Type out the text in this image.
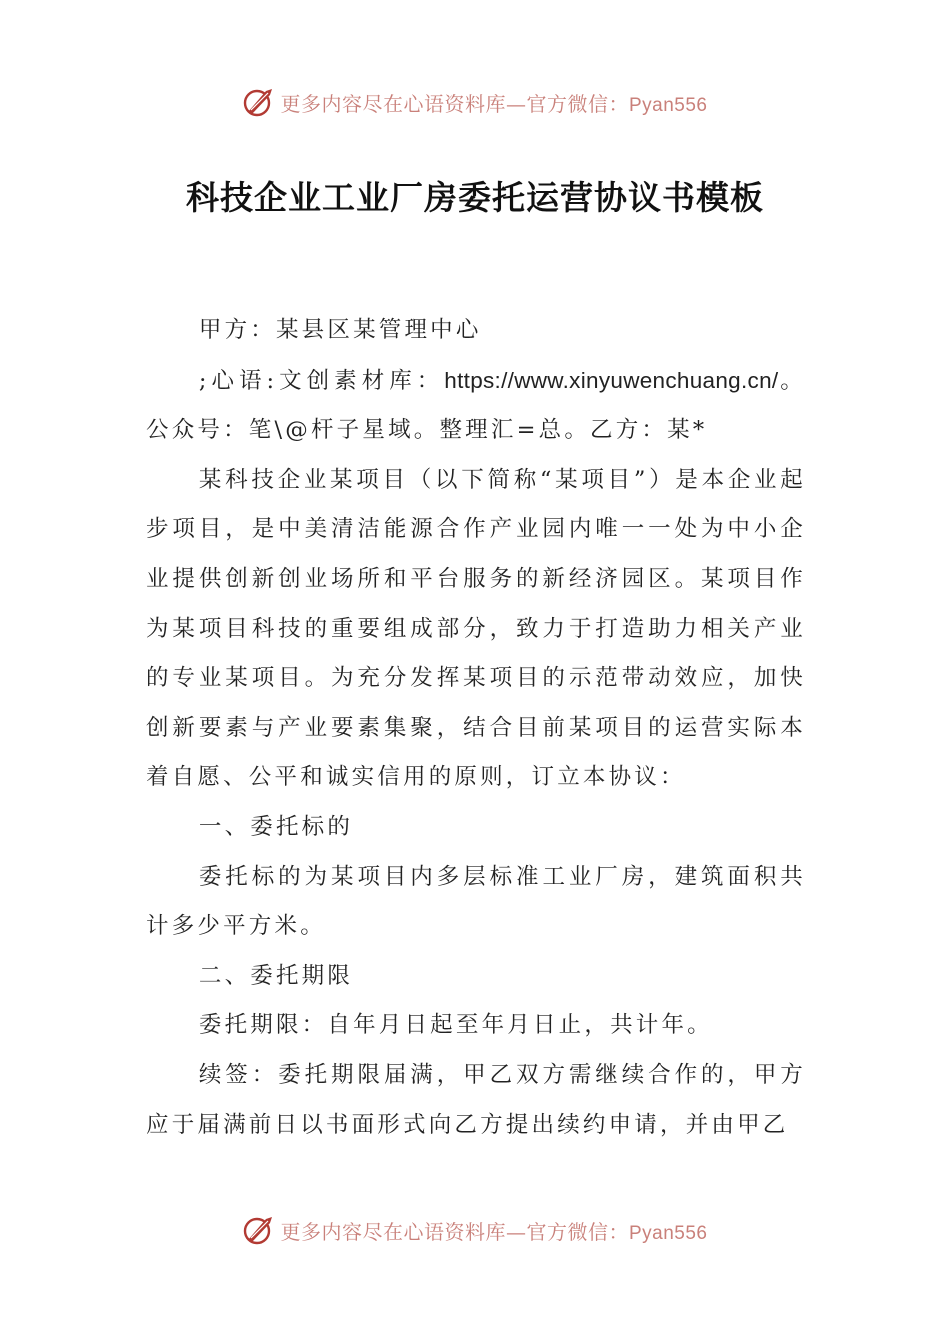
更多内容尽在心语资料库—官方微信：Pyan556
科技企业工业厂房委托运营协议书模板

甲方：某县区某管理中心

;心语:文创素材库：https://www.xinyuwenchuang.cn/。公众号：笔\@杆子星域。整理汇=总。乙方：某*

某科技企业某项目（以下简称“某项目”）是本企业起步项目，是中美清洁能源合作产业园内唯一一处为中小企业提供创新创业场所和平台服务的新经济园区。某项目作为某项目科技的重要组成部分，致力于打造助力相关产业的专业某项目。为充分发挥某项目的示范带动效应，加快创新要素与产业要素集聚，结合目前某项目的运营实际本着自愿、公平和诚实信用的原则，订立本协议：

一、委托标的

委托标的为某项目内多层标准工业厂房，建筑面积共计多少平方米。

二、委托期限

委托期限：自年月日起至年月日止，共计年。

续签：委托期限届满，甲乙双方需继续合作的，甲方应于届满前日以书面形式向乙方提出续约申请，并由甲乙

更多内容尽在心语资料库—官方微信：Pyan556
